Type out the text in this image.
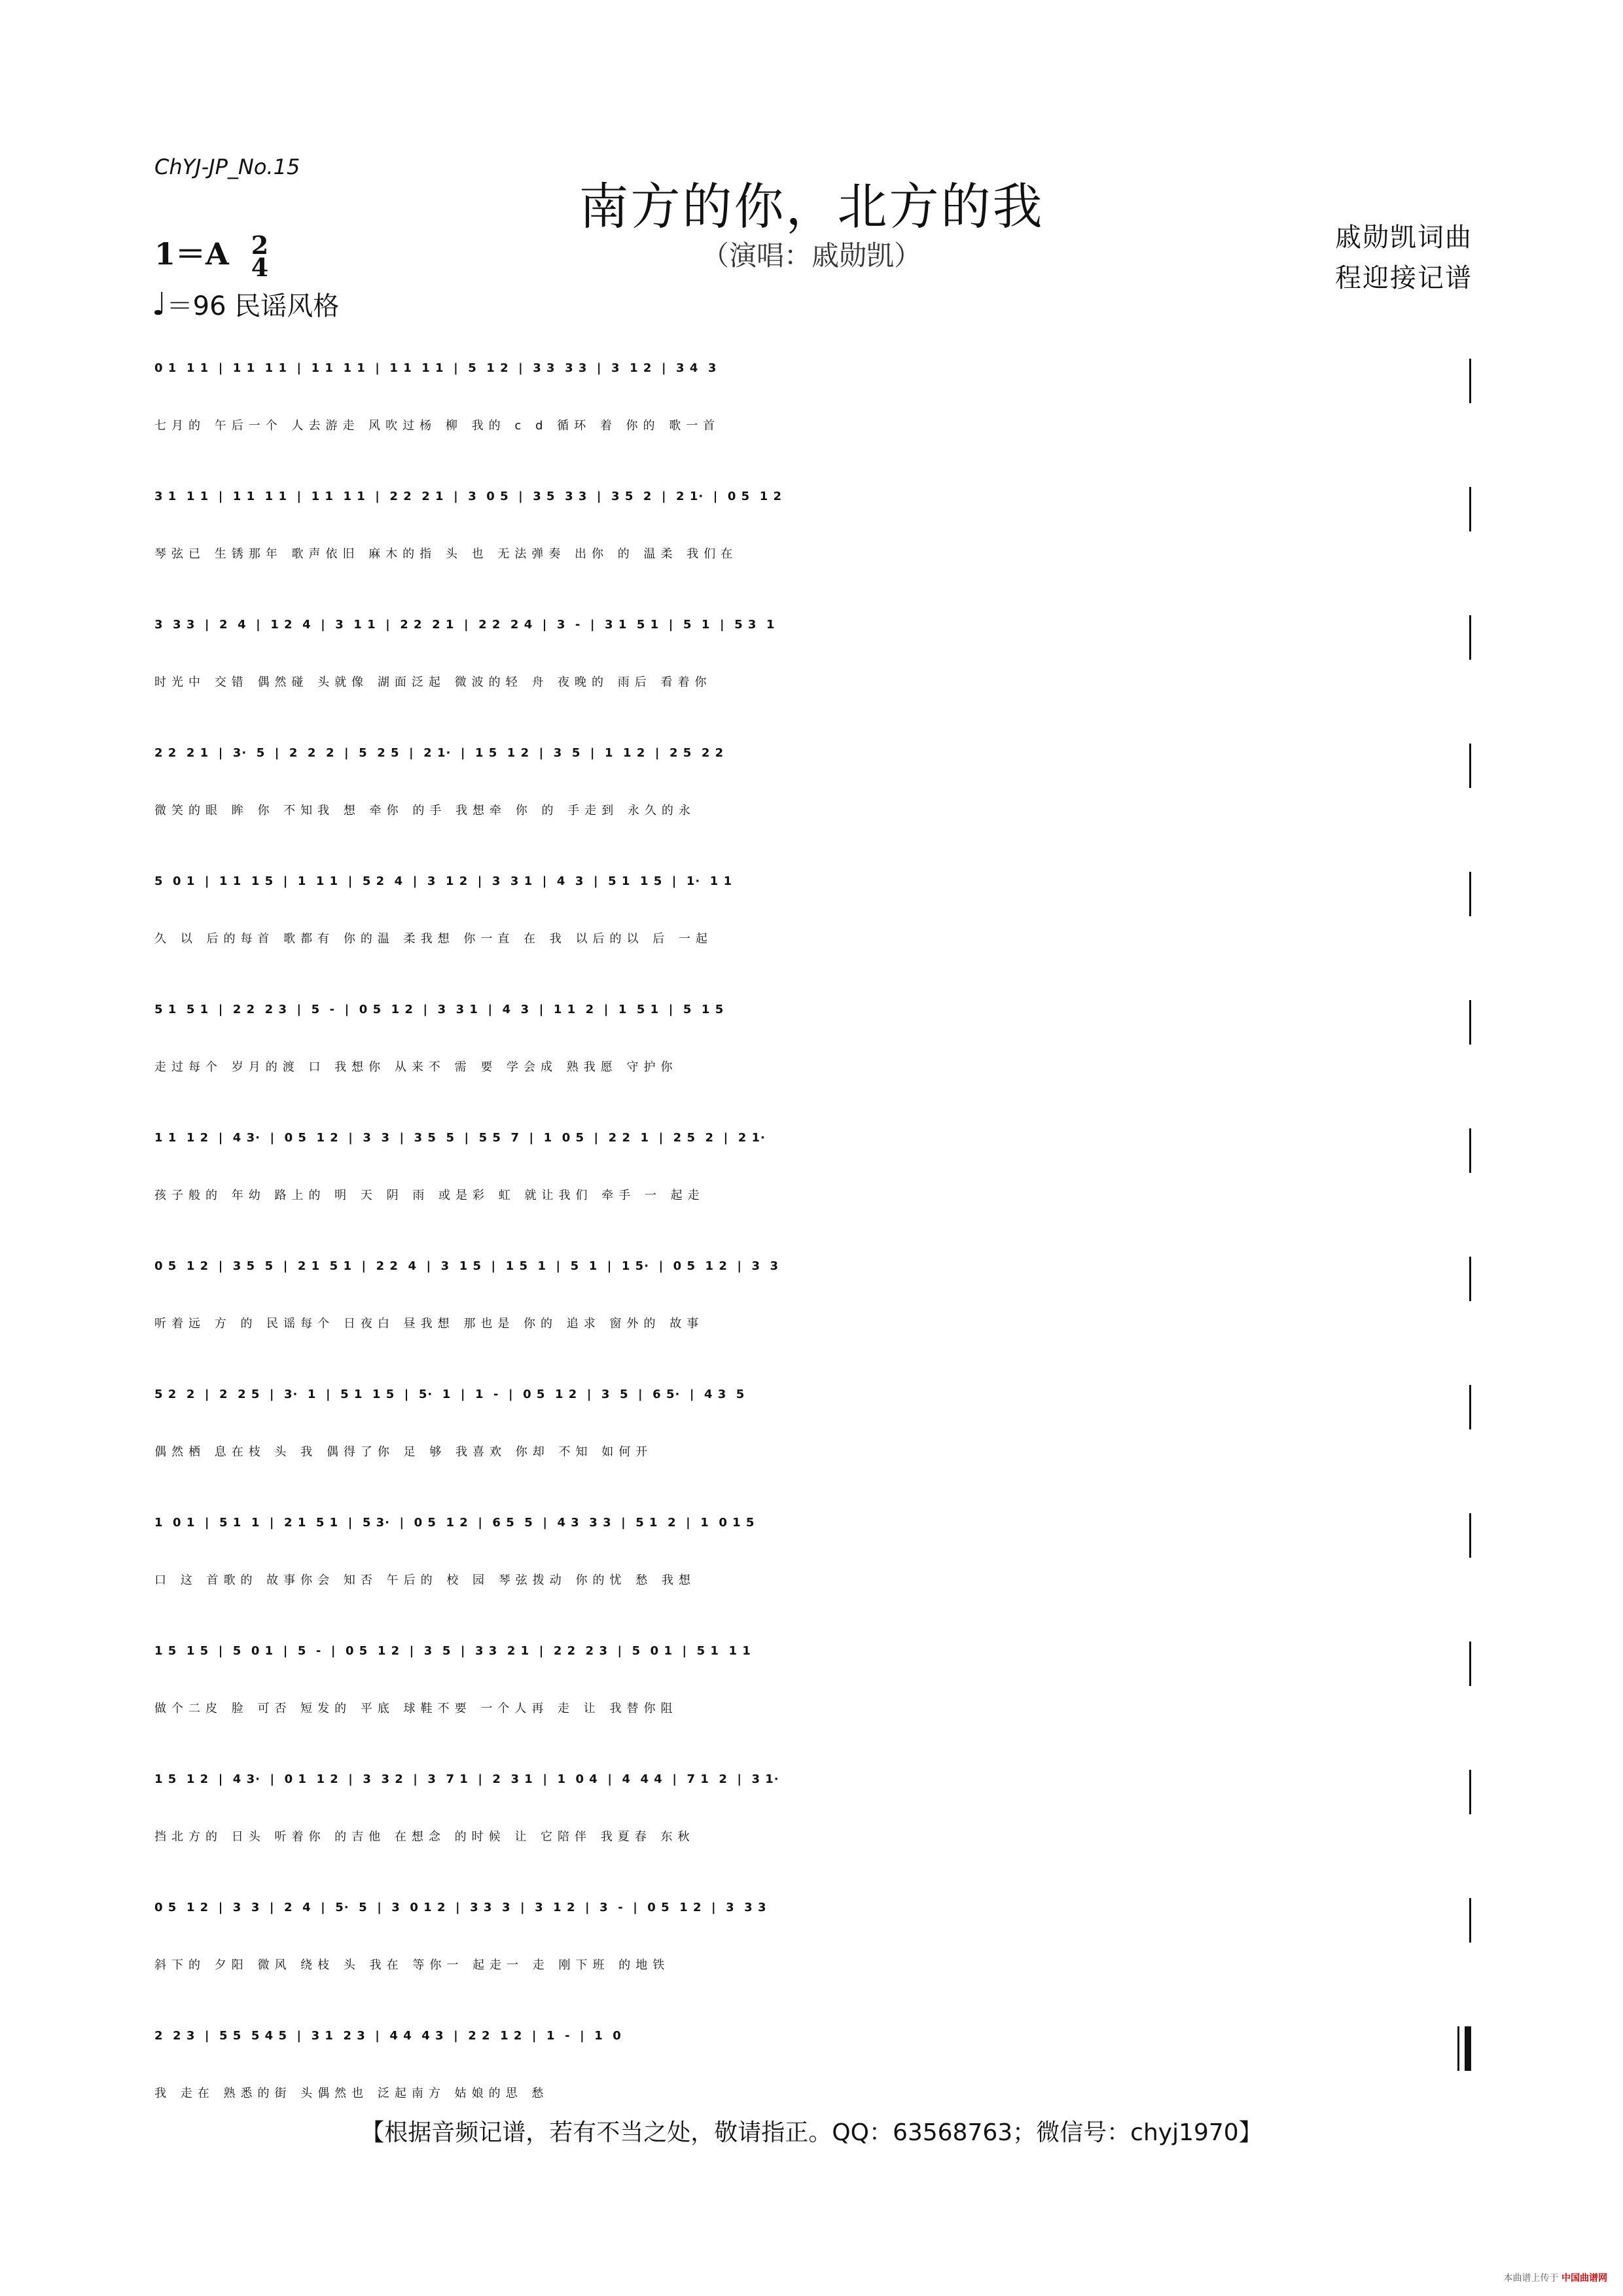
ChYJ-JP_No.15
南方的你，北方的我
（演唱：戚勋凯）
戚勋凯词曲
程迎接记谱
1＝A 2
4
♩＝96 民谣风格
0 1  1 1  |  1 1  1 1  |  1 1  1 1  |  1 1  1 1  |  5  1 2  |  3 3  3 3  |  3  1 2  |  3 4  3
七月的 午后一个 人去游走 风吹过杨 柳 我的 c d 循环 着 你的 歌一首
3 1  1 1  |  1 1  1 1  |  1 1  1 1  |  2 2  2 1  |  3  0 5  |  3 5  3 3  |  3 5  2  |  2 1·  |  0 5  1 2
琴弦已 生锈那年 歌声依旧 麻木的指 头 也 无法弹奏 出你 的 温柔 我们在
3  3 3  |  2  4  |  1 2  4  |  3  1 1  |  2 2  2 1  |  2 2  2 4  |  3  -  |  3 1  5 1  |  5  1  |  5 3  1
时光中 交错 偶然碰 头就像 湖面泛起 微波的轻 舟 夜晚的 雨后 看着你
2 2  2 1  |  3·  5  |  2  2  2  |  5  2 5  |  2 1·  |  1 5  1 2  |  3  5  |  1  1 2  |  2 5  2 2
微笑的眼 眸 你 不知我 想 牵你 的手 我想牵 你 的 手走到 永久的永
5  0 1  |  1 1  1 5  |  1  1 1  |  5 2  4  |  3  1 2  |  3  3 1  |  4  3  |  5 1  1 5  |  1·  1 1
久 以 后的每首 歌都有 你的温 柔我想 你一直 在 我 以后的以 后 一起
5 1  5 1  |  2 2  2 3  |  5  -  |  0 5  1 2  |  3  3 1  |  4  3  |  1 1  2  |  1  5 1  |  5  1 5
走过每个 岁月的渡 口 我想你 从来不 需 要 学会成 熟我愿 守护你
1 1  1 2  |  4 3·  |  0 5  1 2  |  3  3  |  3 5  5  |  5 5  7  |  1  0 5  |  2 2  1  |  2 5  2  |  2 1·
孩子般的 年幼 路上的 明 天 阴 雨 或是彩 虹 就让我们 牵手 一 起走
0 5  1 2  |  3 5  5  |  2 1  5 1  |  2 2  4  |  3  1 5  |  1 5  1  |  5  1  |  1 5·  |  0 5  1 2  |  3  3
听着远 方 的 民谣每个 日夜白 昼我想 那也是 你的 追求 窗外的 故事
5 2  2  |  2  2 5  |  3·  1  |  5 1  1 5  |  5·  1  |  1  -  |  0 5  1 2  |  3  5  |  6 5·  |  4 3  5
偶然栖 息在枝 头 我 偶得了你 足 够 我喜欢 你却 不知 如何开
1  0 1  |  5 1  1  |  2 1  5 1  |  5 3·  |  0 5  1 2  |  6 5  5  |  4 3  3 3  |  5 1  2  |  1  0 1 5
口 这 首歌的 故事你会 知否 午后的 校 园 琴弦拨动 你的忧 愁 我想
1 5  1 5  |  5  0 1  |  5  -  |  0 5  1 2  |  3  5  |  3 3  2 1  |  2 2  2 3  |  5  0 1  |  5 1  1 1
做个二皮 脸 可否 短发的 平底 球鞋不要 一个人再 走 让 我替你阻
1 5  1 2  |  4 3·  |  0 1  1 2  |  3  3 2  |  3  7 1  |  2  3 1  |  1  0 4  |  4  4 4  |  7 1  2  |  3 1·
挡北方的 日头 听着你 的吉他 在想念 的时候 让 它陪伴 我夏春 东秋
0 5  1 2  |  3  3  |  2  4  |  5·  5  |  3  0 1 2  |  3 3  3  |  3  1 2  |  3  -  |  0 5  1 2  |  3  3 3
斜下的 夕阳 微风 绕枝 头 我在 等你一 起走一 走 刚下班 的地铁
2  2 3  |  5 5  5 4 5  |  3 1  2 3  |  4 4  4 3  |  2 2  1 2  |  1  -  |  1  0
我 走在 熟悉的街 头偶然也 泛起南方 姑娘的思 愁
【根据音频记谱，若有不当之处，敬请指正。QQ：63568763；微信号：chyj1970】
本曲谱上传于 中国曲谱网
